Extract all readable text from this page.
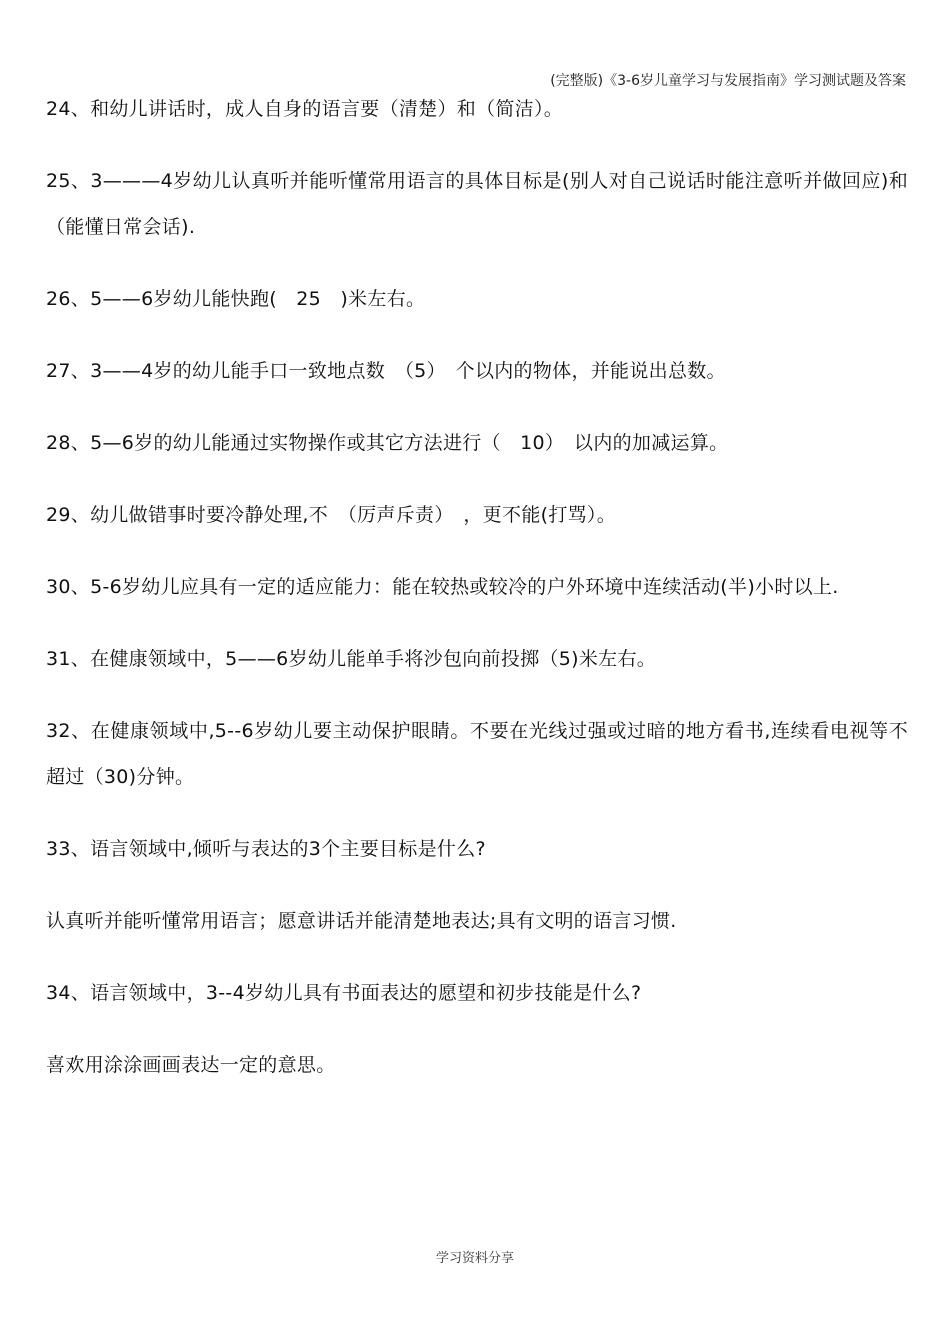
(完整版)《3-6岁儿童学习与发展指南》学习测试题及答案

24、和幼儿讲话时，成人自身的语言要（清楚）和（简洁）。

25、3———4岁幼儿认真听并能听懂常用语言的具体目标是(别人对自己说话时能注意听并做回应)和（能懂日常会话).

26、5——6岁幼儿能快跑(　25　)米左右。

27、3——4岁的幼儿能手口一致地点数　（5）　个以内的物体，并能说出总数。

28、5—6岁的幼儿能通过实物操作或其它方法进行（　10）　以内的加减运算。

29、幼儿做错事时要冷静处理,不　（厉声斥责）　，更不能(打骂）。

30、5-6岁幼儿应具有一定的适应能力：能在较热或较冷的户外环境中连续活动(半)小时以上.

31、在健康领域中，5——6岁幼儿能单手将沙包向前投掷（5)米左右。

32、在健康领域中,5--6岁幼儿要主动保护眼睛。不要在光线过强或过暗的地方看书,连续看电视等不超过（30)分钟。

33、语言领域中,倾听与表达的3个主要目标是什么?

认真听并能听懂常用语言；愿意讲话并能清楚地表达;具有文明的语言习惯.

34、语言领域中，3--4岁幼儿具有书面表达的愿望和初步技能是什么?

喜欢用涂涂画画表达一定的意思。

学习资料分享
